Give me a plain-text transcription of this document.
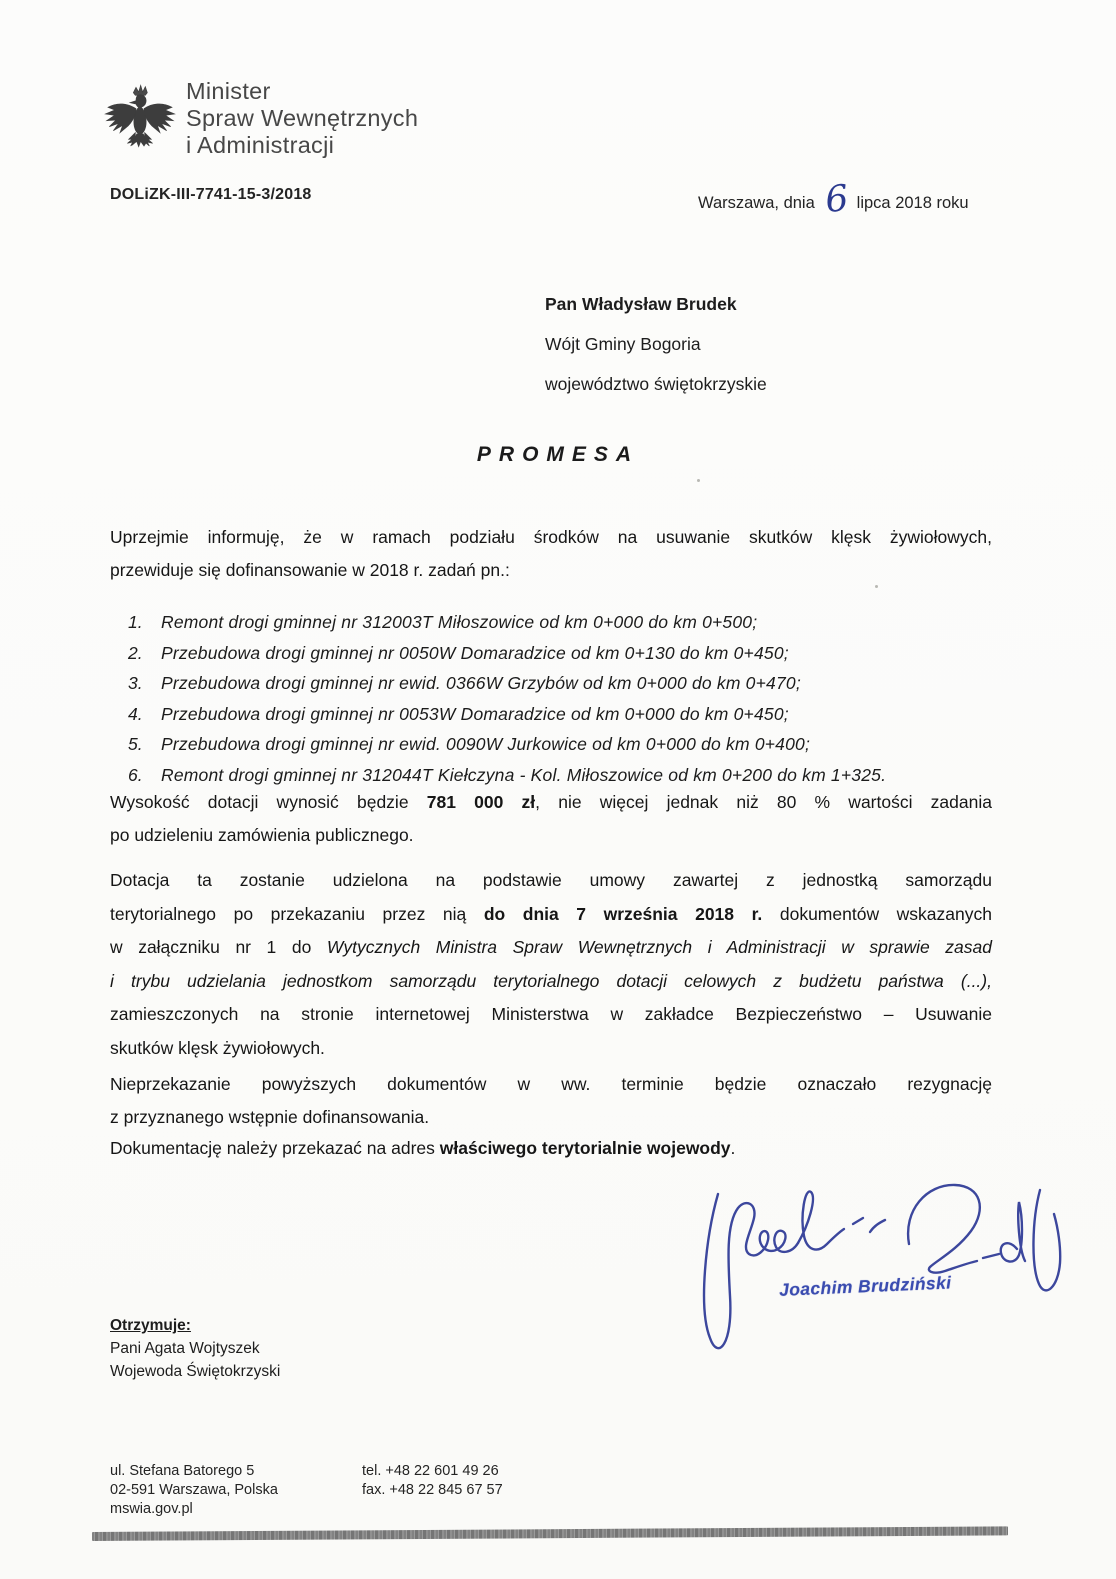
Minister
Spraw Wewnętrznych
i Administracji
DOLiZK-III-7741-15-3/2018	Warszawa, dnia 6 lipca 2018 roku
Pan Władysław Brudek
Wójt Gminy Bogoria
województwo świętokrzyskie
PROMESA
Uprzejmie informuję, że w ramach podziału środków na usuwanie skutków klęsk żywiołowych,
przewiduje się dofinansowanie w 2018 r. zadań pn.:
1.	Remont drogi gminnej nr 312003T Miłoszowice od km 0+000 do km 0+500;
2.	Przebudowa drogi gminnej nr 0050W Domaradzice od km 0+130 do km 0+450;
3.	Przebudowa drogi gminnej nr ewid. 0366W Grzybów od km 0+000 do km 0+470;
4.	Przebudowa drogi gminnej nr 0053W Domaradzice od km 0+000 do km 0+450;
5.	Przebudowa drogi gminnej nr ewid. 0090W Jurkowice od km 0+000 do km 0+400;
6.	Remont drogi gminnej nr 312044T Kiełczyna - Kol. Miłoszowice od km 0+200 do km 1+325.
Wysokość dotacji wynosić będzie 781 000 zł, nie więcej jednak niż 80 % wartości zadania
po udzieleniu zamówienia publicznego.
Dotacja ta zostanie udzielona na podstawie umowy zawartej z jednostką samorządu
terytorialnego po przekazaniu przez nią do dnia 7 września 2018 r. dokumentów wskazanych
w załączniku nr 1 do Wytycznych Ministra Spraw Wewnętrznych i Administracji w sprawie zasad
i trybu udzielania jednostkom samorządu terytorialnego dotacji celowych z budżetu państwa (...),
zamieszczonych na stronie internetowej Ministerstwa w zakładce Bezpieczeństwo – Usuwanie
skutków klęsk żywiołowych.
Nieprzekazanie powyższych dokumentów w ww. terminie będzie oznaczało rezygnację
z przyznanego wstępnie dofinansowania.
Dokumentację należy przekazać na adres właściwego terytorialnie wojewody.
Joachim Brudziński
Otrzymuje:
Pani Agata Wojtyszek
Wojewoda Świętokrzyski
ul. Stefana Batorego 5
02-591 Warszawa, Polska
mswia.gov.pl
tel. +48 22 601 49 26
fax. +48 22 845 67 57
